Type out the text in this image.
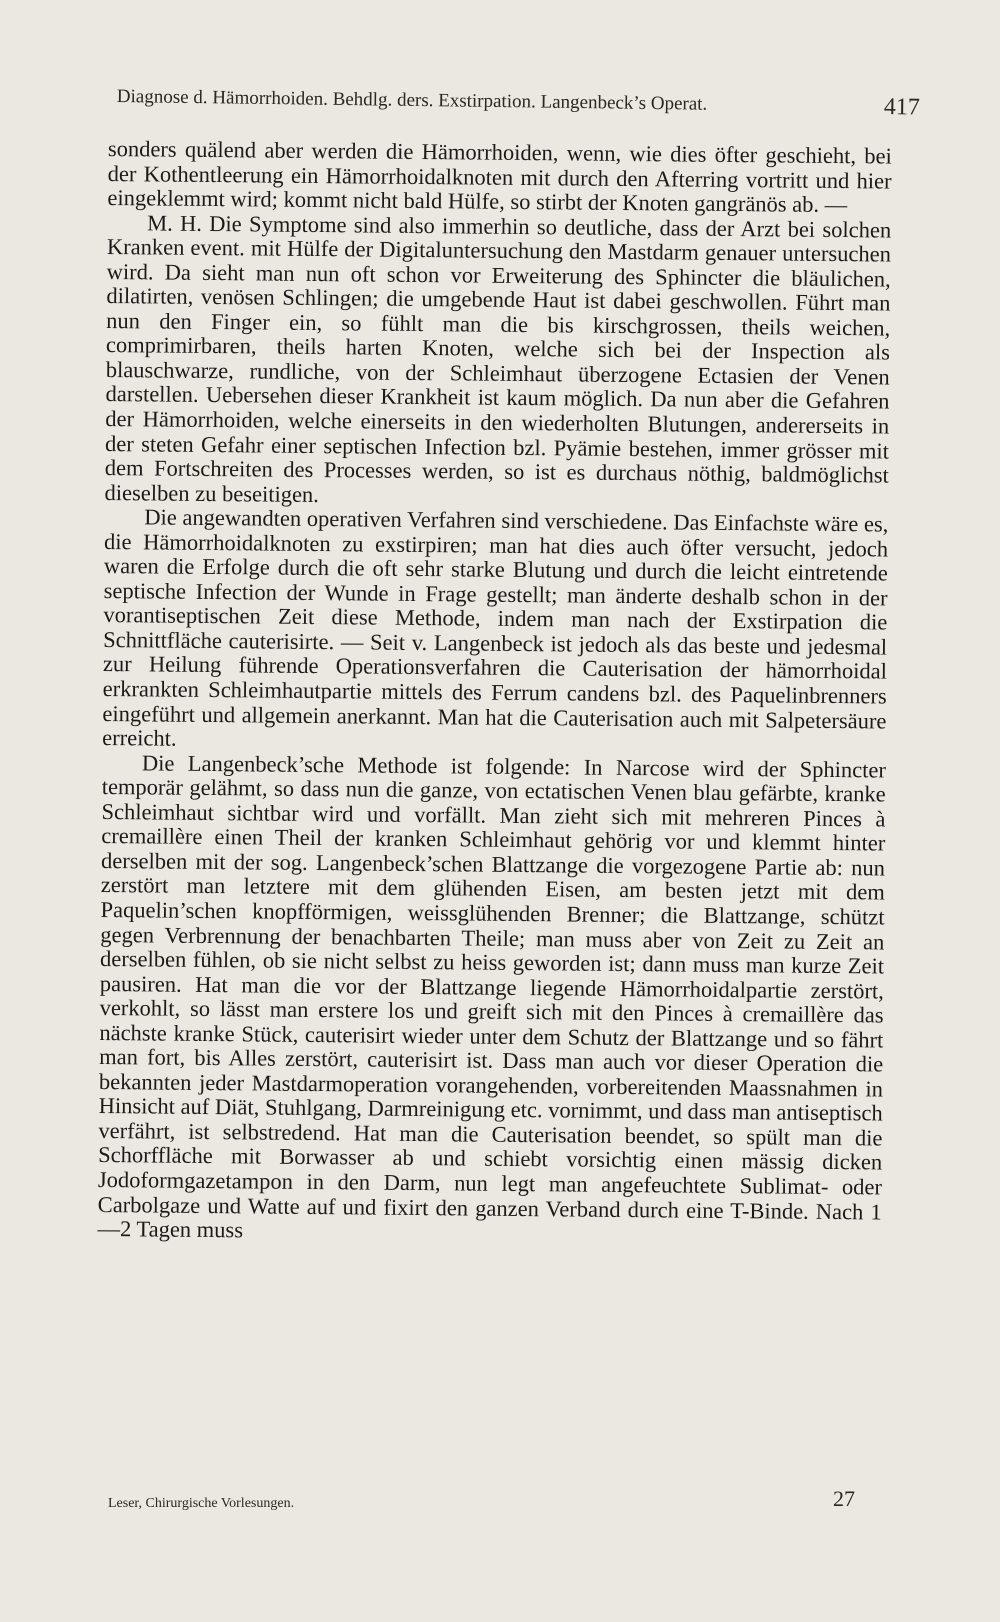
Diagnose d. Hämorrhoiden. Behdlg. ders. Exstirpation. Langenbeck’s Operat.	417

sonders quälend aber werden die Hämorrhoiden, wenn, wie dies öfter geschieht, bei der Kothentleerung ein Hämorrhoidalknoten mit durch den Afterring vortritt und hier eingeklemmt wird; kommt nicht bald Hülfe, so stirbt der Knoten gangränös ab. —

M. H. Die Symptome sind also immerhin so deutliche, dass der Arzt bei solchen Kranken event. mit Hülfe der Digitaluntersuchung den Mastdarm genauer untersuchen wird. Da sieht man nun oft schon vor Erweiterung des Sphincter die bläulichen, dilatirten, venösen Schlingen; die umgebende Haut ist dabei geschwollen. Führt man nun den Finger ein, so fühlt man die bis kirschgrossen, theils weichen, comprimirbaren, theils harten Knoten, welche sich bei der Inspection als blauschwarze, rundliche, von der Schleimhaut überzogene Ectasien der Venen darstellen. Uebersehen dieser Krankheit ist kaum möglich. Da nun aber die Gefahren der Hämorrhoiden, welche einerseits in den wiederholten Blutungen, andererseits in der steten Gefahr einer septischen Infection bzl. Pyämie bestehen, immer grösser mit dem Fortschreiten des Processes werden, so ist es durchaus nöthig, baldmöglichst dieselben zu beseitigen.

Die angewandten operativen Verfahren sind verschiedene. Das Einfachste wäre es, die Hämorrhoidalknoten zu exstirpiren; man hat dies auch öfter versucht, jedoch waren die Erfolge durch die oft sehr starke Blutung und durch die leicht eintretende septische Infection der Wunde in Frage gestellt; man änderte deshalb schon in der vorantiseptischen Zeit diese Methode, indem man nach der Exstirpation die Schnittfläche cauterisirte. — Seit v. Langenbeck ist jedoch als das beste und jedesmal zur Heilung führende Operationsverfahren die Cauterisation der hämorrhoidal erkrankten Schleimhautpartie mittels des Ferrum candens bzl. des Paquelinbrenners eingeführt und allgemein anerkannt. Man hat die Cauterisation auch mit Salpetersäure erreicht.

Die Langenbeck’sche Methode ist folgende: In Narcose wird der Sphincter temporär gelähmt, so dass nun die ganze, von ectatischen Venen blau gefärbte, kranke Schleimhaut sichtbar wird und vorfällt. Man zieht sich mit mehreren Pinces à cremaillère einen Theil der kranken Schleimhaut gehörig vor und klemmt hinter derselben mit der sog. Langenbeck’schen Blattzange die vorgezogene Partie ab: nun zerstört man letztere mit dem glühenden Eisen, am besten jetzt mit dem Paquelin’schen knopfförmigen, weissglühenden Brenner; die Blattzange, schützt gegen Verbrennung der benachbarten Theile; man muss aber von Zeit zu Zeit an derselben fühlen, ob sie nicht selbst zu heiss geworden ist; dann muss man kurze Zeit pausiren. Hat man die vor der Blattzange liegende Hämorrhoidalpartie zerstört, verkohlt, so lässt man erstere los und greift sich mit den Pinces à cremaillère das nächste kranke Stück, cauterisirt wieder unter dem Schutz der Blattzange und so fährt man fort, bis Alles zerstört, cauterisirt ist. Dass man auch vor dieser Operation die bekannten jeder Mastdarmoperation vorangehenden, vorbereitenden Maassnahmen in Hinsicht auf Diät, Stuhlgang, Darmreinigung etc. vornimmt, und dass man antiseptisch verfährt, ist selbstredend. Hat man die Cauterisation beendet, so spült man die Schorffläche mit Borwasser ab und schiebt vorsichtig einen mässig dicken Jodoformgazetampon in den Darm, nun legt man angefeuchtete Sublimat- oder Carbolgaze und Watte auf und fixirt den ganzen Verband durch eine T-Binde. Nach 1—2 Tagen muss

Leser, Chirurgische Vorlesungen.	27
